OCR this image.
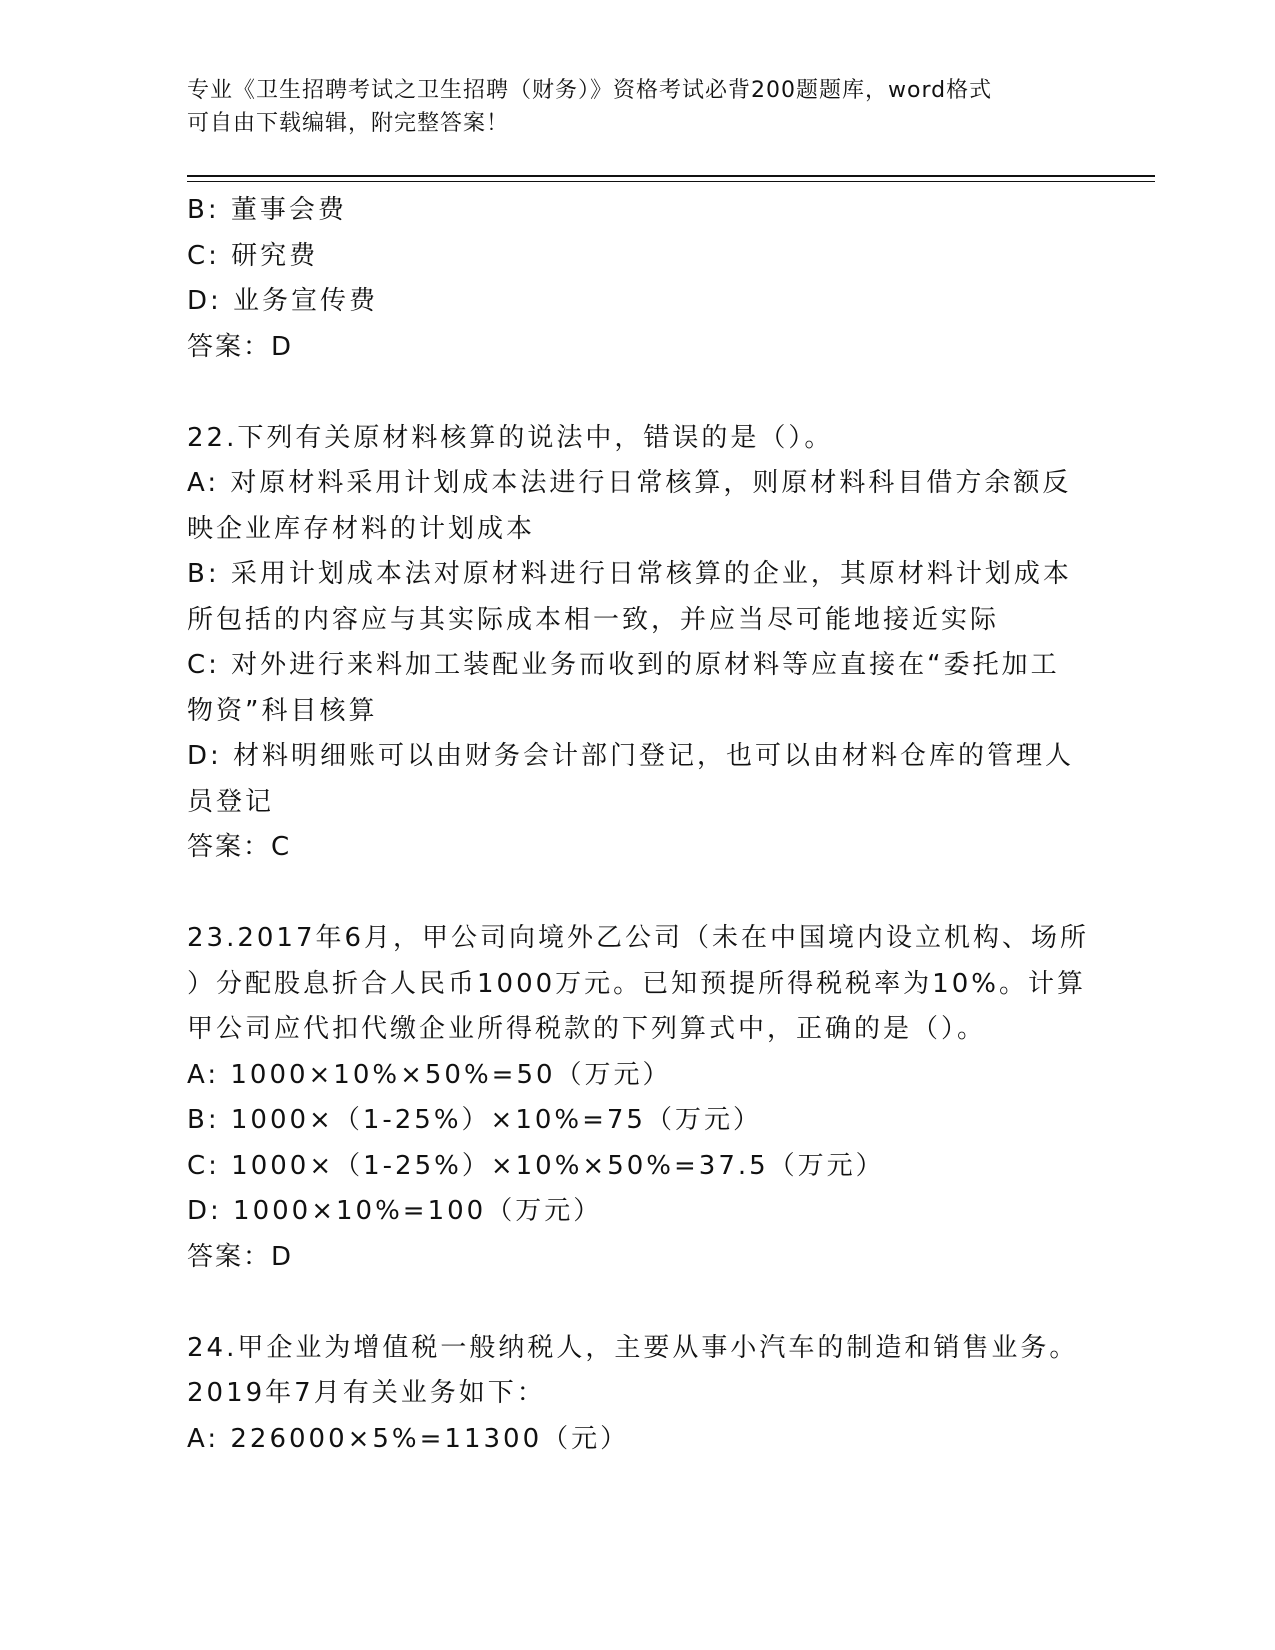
专业《卫生招聘考试之卫生招聘（财务）》资格考试必背200题题库，word格式
可自由下载编辑，附完整答案！
B: 董事会费
C: 研究费
D: 业务宣传费
答案：D
22.下列有关原材料核算的说法中，错误的是（）。
A: 对原材料采用计划成本法进行日常核算，则原材料科目借方余额反
映企业库存材料的计划成本
B: 采用计划成本法对原材料进行日常核算的企业，其原材料计划成本
所包括的内容应与其实际成本相一致，并应当尽可能地接近实际
C: 对外进行来料加工装配业务而收到的原材料等应直接在“委托加工
物资”科目核算
D: 材料明细账可以由财务会计部门登记，也可以由材料仓库的管理人
员登记
答案：C
23.2017年6月，甲公司向境外乙公司（未在中国境内设立机构、场所
）分配股息折合人民币1000万元。已知预提所得税税率为10%。计算
甲公司应代扣代缴企业所得税款的下列算式中，正确的是（）。
A: 1000×10%×50%=50（万元）
B: 1000×（1-25%）×10%=75（万元）
C: 1000×（1-25%）×10%×50%=37.5（万元）
D: 1000×10%=100（万元）
答案：D
24.甲企业为增值税一般纳税人，主要从事小汽车的制造和销售业务。
2019年7月有关业务如下：
A: 226000×5%=11300（元）
